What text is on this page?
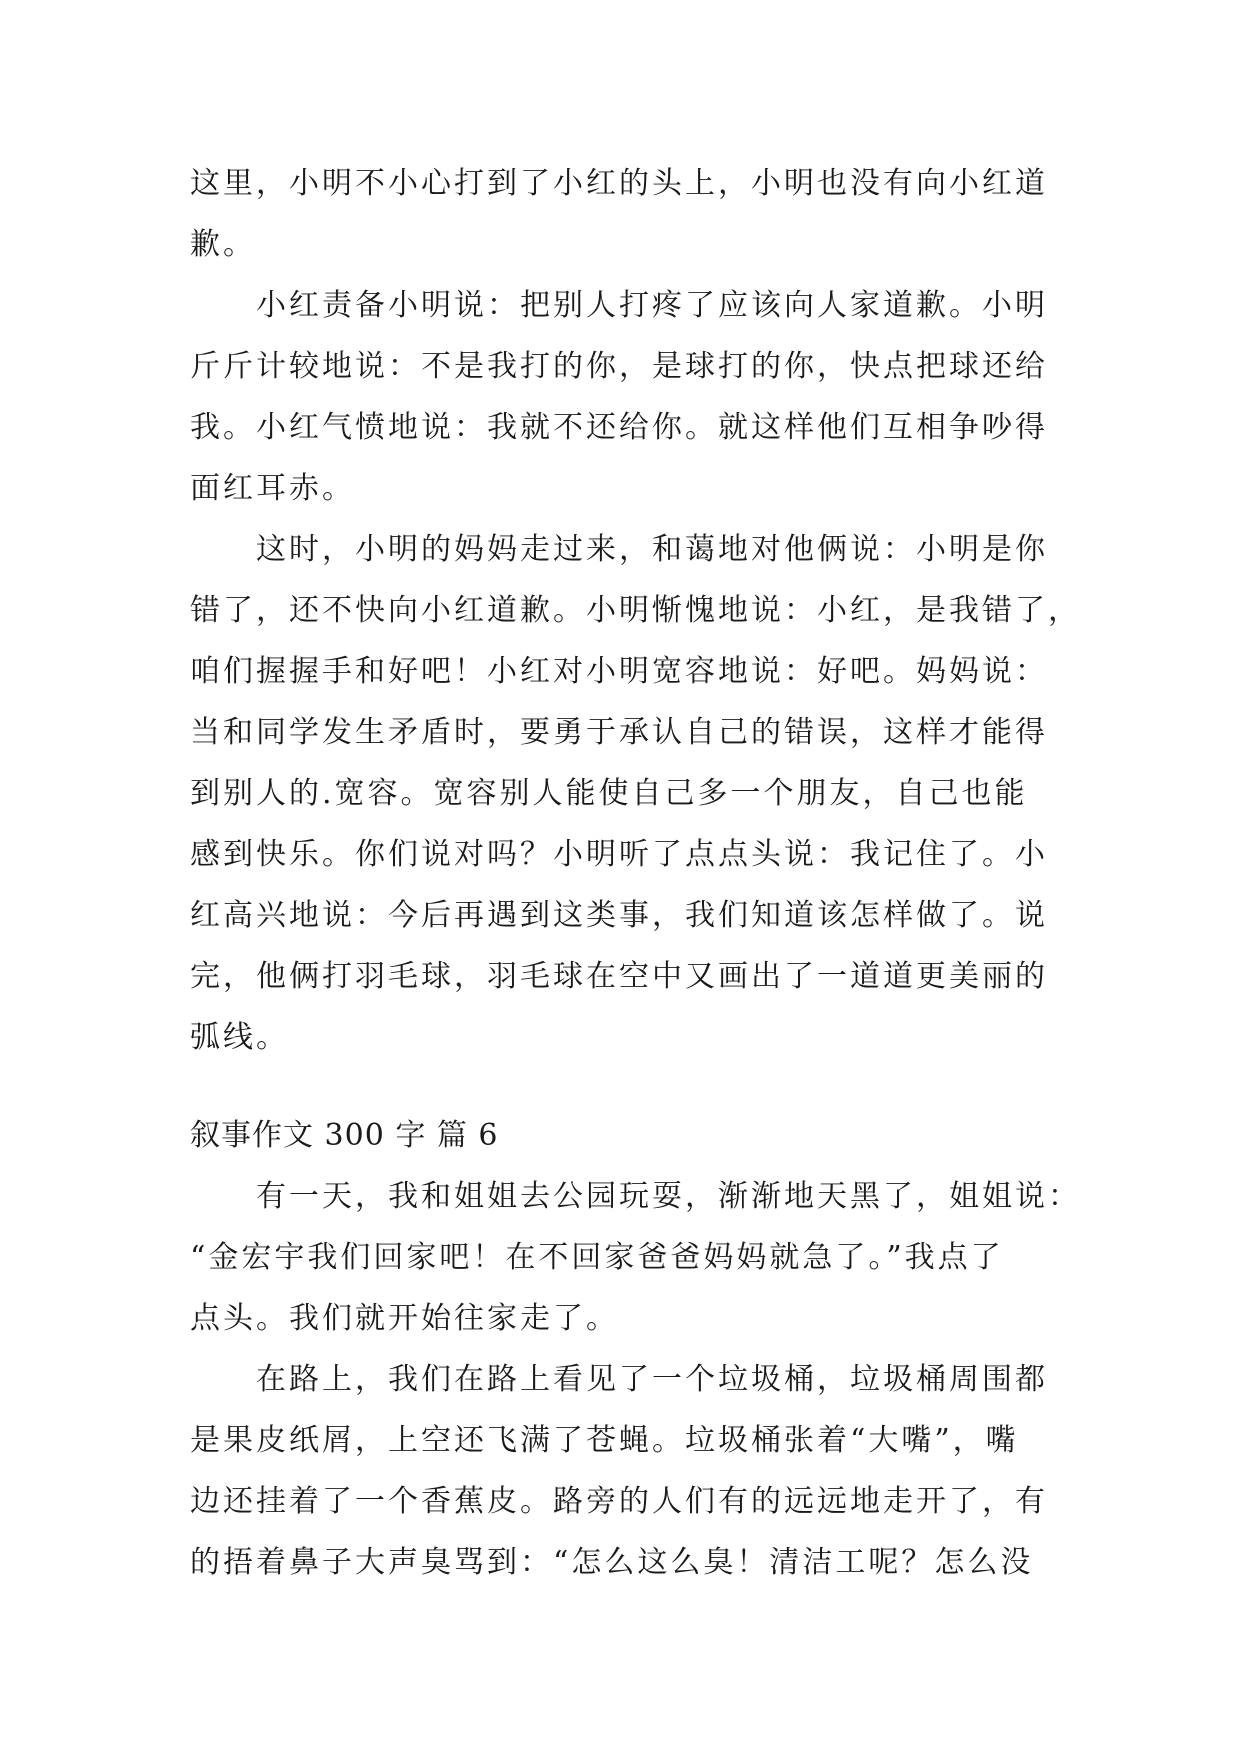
这里，小明不小心打到了小红的头上，小明也没有向小红道
歉。
　　小红责备小明说：把别人打疼了应该向人家道歉。小明
斤斤计较地说：不是我打的你，是球打的你，快点把球还给
我。小红气愤地说：我就不还给你。就这样他们互相争吵得
面红耳赤。
　　这时，小明的妈妈走过来，和蔼地对他俩说：小明是你
错了，还不快向小红道歉。小明惭愧地说：小红，是我错了，
咱们握握手和好吧！小红对小明宽容地说：好吧。妈妈说：
当和同学发生矛盾时，要勇于承认自己的错误，这样才能得
到别人的.宽容。宽容别人能使自己多一个朋友，自己也能
感到快乐。你们说对吗？小明听了点点头说：我记住了。小
红高兴地说：今后再遇到这类事，我们知道该怎样做了。说
完，他俩打羽毛球，羽毛球在空中又画出了一道道更美丽的
弧线。
叙事作文 300 字 篇 6
　　有一天，我和姐姐去公园玩耍，渐渐地天黑了，姐姐说：
“金宏宇我们回家吧！在不回家爸爸妈妈就急了。”我点了
点头。我们就开始往家走了。
　　在路上，我们在路上看见了一个垃圾桶，垃圾桶周围都
是果皮纸屑，上空还飞满了苍蝇。垃圾桶张着“大嘴”，嘴
边还挂着了一个香蕉皮。路旁的人们有的远远地走开了，有
的捂着鼻子大声臭骂到：“怎么这么臭！清洁工呢？怎么没
